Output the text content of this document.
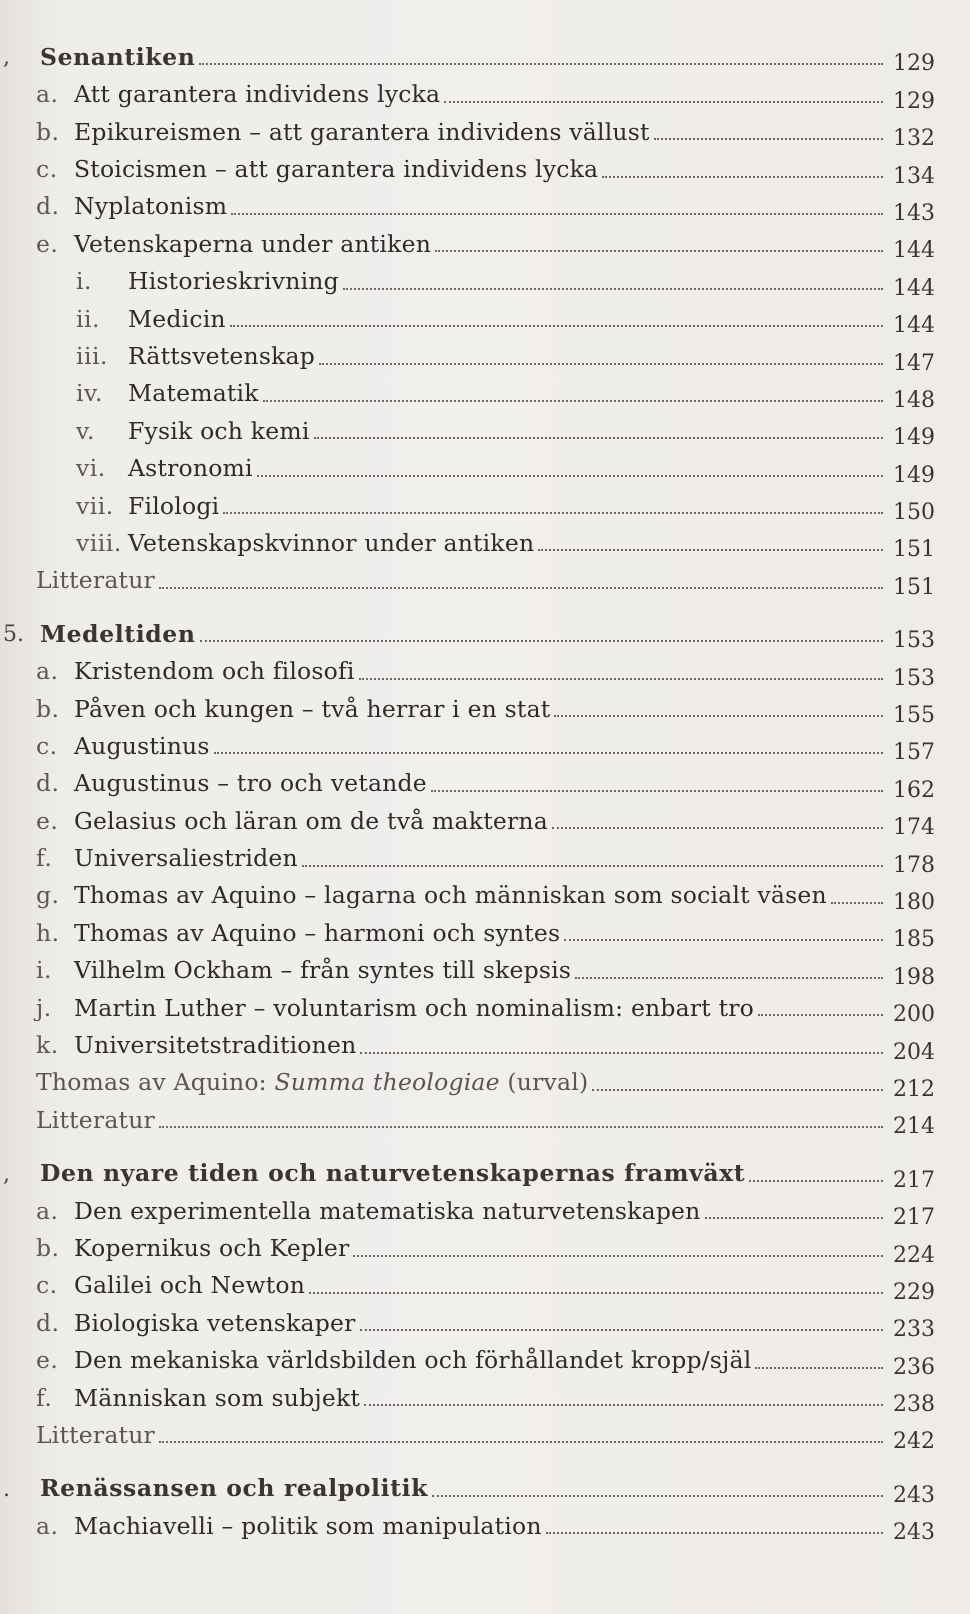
, Senantiken	129
a. Att garantera individens lycka	129
b. Epikureismen – att garantera individens vällust	132
c. Stoicismen – att garantera individens lycka	134
d. Nyplatonism	143
e. Vetenskaperna under antiken	144
i.	Historieskrivning	144
ii.	Medicin	144
iii. Rättsvetenskap	147
iv.	Matematik	148
v.	Fysik och kemi	149
vi. Astronomi	149
vii. Filologi	150
viii. Vetenskapskvinnor under antiken	151
Litteratur	151
5. Medeltiden	153
a. Kristendom och filosofi	153
b. Påven och kungen – två herrar i en stat	155
c. Augustinus	157
d. Augustinus – tro och vetande	162
e. Gelasius och läran om de två makterna	174
f. Universaliestriden	178
g. Thomas av Aquino – lagarna och människan som socialt väsen	180
h. Thomas av Aquino – harmoni och syntes	185
i. Vilhelm Ockham – från syntes till skepsis	198
j. Martin Luther – voluntarism och nominalism: enbart tro	200
k. Universitetstraditionen	204
Thomas av Aquino: Summa theologiae (urval)	212
Litteratur	214
, Den nyare tiden och naturvetenskapernas framväxt	217
a. Den experimentella matematiska naturvetenskapen	217
b. Kopernikus och Kepler	224
c. Galilei och Newton	229
d. Biologiska vetenskaper	233
e. Den mekaniska världsbilden och förhållandet kropp/själ	236
f. Människan som subjekt	238
Litteratur	242
. Renässansen och realpolitik	243
a. Machiavelli – politik som manipulation	243
